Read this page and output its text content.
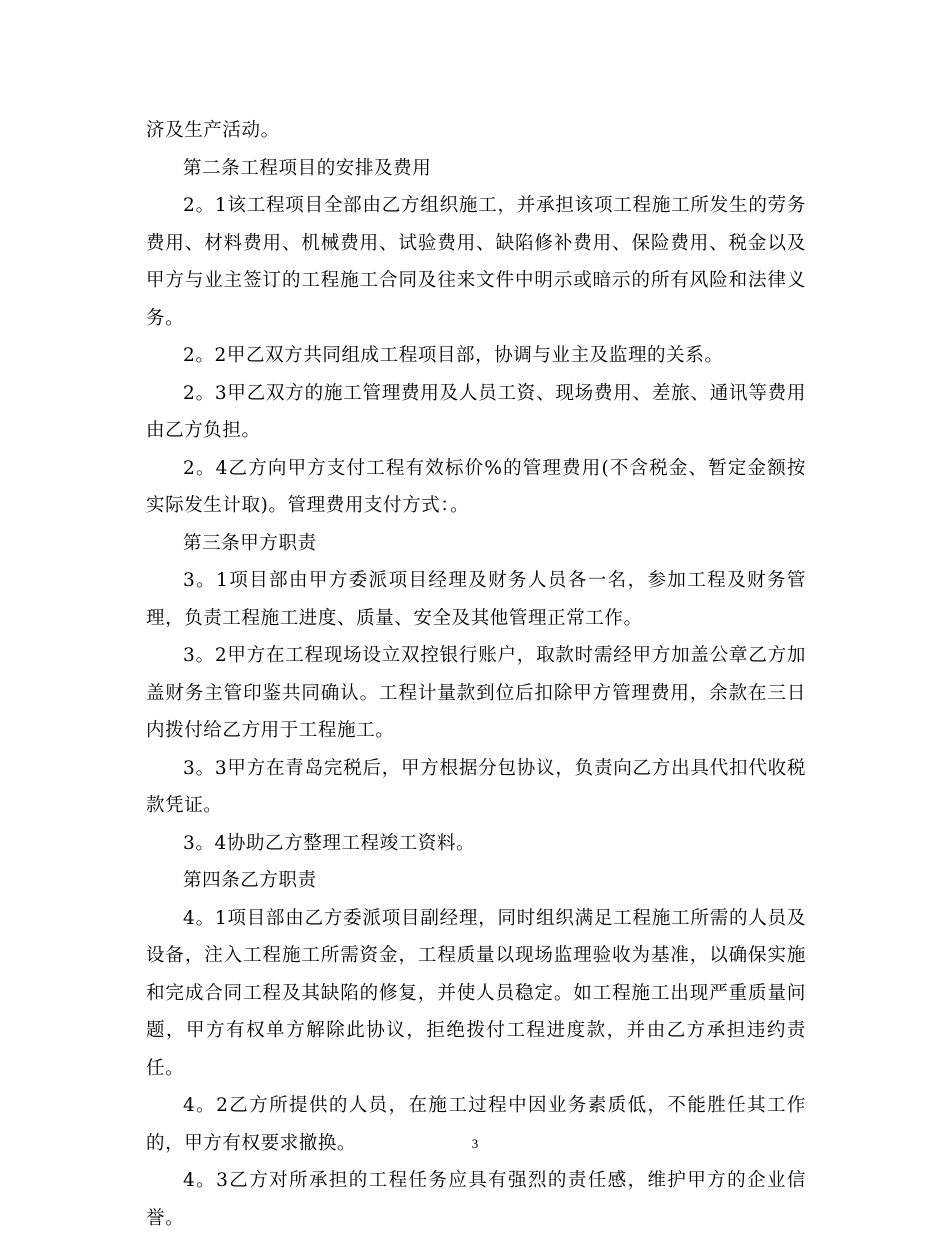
济及生产活动。

第二条工程项目的安排及费用

2。1该工程项目全部由乙方组织施工，并承担该项工程施工所发生的劳务费用、材料费用、机械费用、试验费用、缺陷修补费用、保险费用、税金以及甲方与业主签订的工程施工合同及往来文件中明示或暗示的所有风险和法律义务。

2。2甲乙双方共同组成工程项目部，协调与业主及监理的关系。

2。3甲乙双方的施工管理费用及人员工资、现场费用、差旅、通讯等费用由乙方负担。

2。4乙方向甲方支付工程有效标价%的管理费用(不含税金、暂定金额按实际发生计取)。管理费用支付方式：。

第三条甲方职责

3。1项目部由甲方委派项目经理及财务人员各一名，参加工程及财务管理，负责工程施工进度、质量、安全及其他管理正常工作。

3。2甲方在工程现场设立双控银行账户，取款时需经甲方加盖公章乙方加盖财务主管印鉴共同确认。工程计量款到位后扣除甲方管理费用，余款在三日内拨付给乙方用于工程施工。

3。3甲方在青岛完税后，甲方根据分包协议，负责向乙方出具代扣代收税款凭证。

3。4协助乙方整理工程竣工资料。

第四条乙方职责

4。1项目部由乙方委派项目副经理，同时组织满足工程施工所需的人员及设备，注入工程施工所需资金，工程质量以现场监理验收为基准，以确保实施和完成合同工程及其缺陷的修复，并使人员稳定。如工程施工出现严重质量问题，甲方有权单方解除此协议，拒绝拨付工程进度款，并由乙方承担违约责任。

4。2乙方所提供的人员，在施工过程中因业务素质低，不能胜任其工作的，甲方有权要求撤换。

4。3乙方对所承担的工程任务应具有强烈的责任感，维护甲方的企业信誉。

3
